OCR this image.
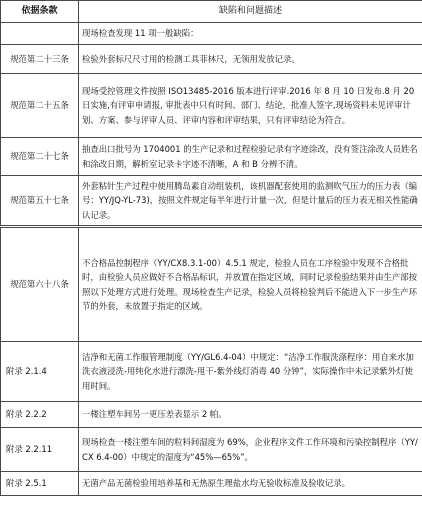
依据条款	缺陷和问题描述
	现场检查发现 11 项一般缺陷：
规范第二十三条	检验外套标尺尺寸用的检测工具菲林尺，无领用发放记录。
规范第二十五条	现场受控管理文件按照 ISO13485-2016 版本进行评审.2016 年 8 月 10 日发布.8 月 20 日实施,有评审申请报, 审批表中只有时间、部门、结论，批准人签字,现场资料未见评审计划、方案、参与评审人员、评审内容和评审结果，只有评审结论为符合。
规范第二十七条	抽查出口批号为 1704001 的生产记录和过程检验记录有字迹涂改，没有签注涂改人员姓名和涂改日期，解析室记录卡字迹不清晰，A 和 B 分辨不清。
规范第五十七条	外套粘针生产过程中使用腾岛素自动组装机，该机器配套使用的监测吹气压力的压力表（编号：YY/JQ-YL-73)，按照文件规定每半年进行计量一次，但是计量后的压力表无相关性能确认记录。
规范第六十八条	不合格品控制程序（YY/CX8.3.1-00）4.5.1 规定，检验人员在工序检验中发现不合格批时，由检验人员应做好不合格品标识，并放置在指定区域，同时记录检验结果并由生产部按照以下处理方式进行处理。现场检查生产记录，检验人员将检验判后不能进入下一步生产环节的外套，未放置于指定的区域。
附录 2.1.4	洁净和无菌工作服管理制度（YY/GL6.4-04）中规定：“洁净工作服洗涤程序：用自来水加洗衣液浸洗-用纯化水进行漂洗-甩干-紫外线灯消毒 40 分钟”，实际操作中未记录紫外灯使用时间。
附录 2.2.2	一楼注塑车间另一更压差表显示 2 帕。
附录 2.2.11	现场检查一楼注塑车间的粒料间湿度为 69%，企业程序文件工作环境和污染控制程序（YY/CX 6.4-00）中规定的湿度为“45%—65%”。
附录 2.5.1	无菌产品无菌检验用培养基和无热原生理盐水均无验收标准及验收记录。
